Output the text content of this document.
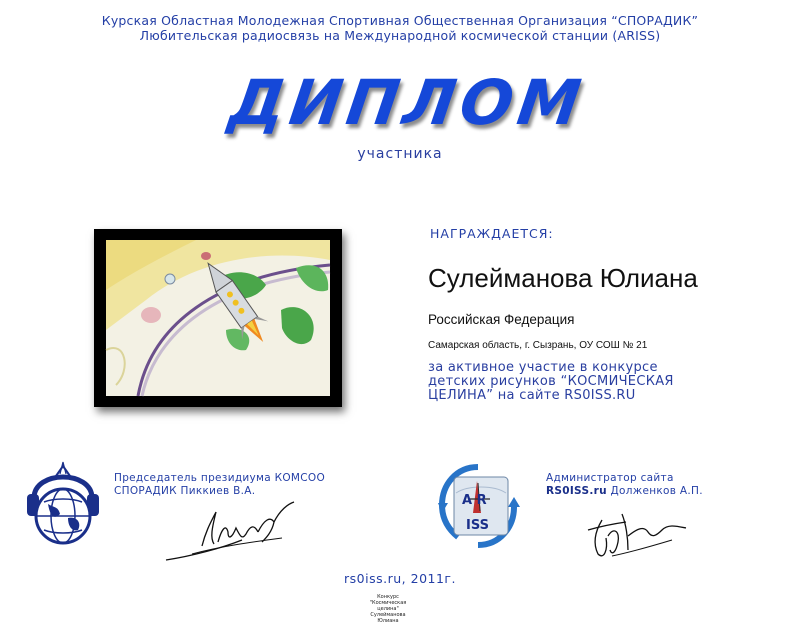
Курская Областная Молодежная Спортивная Общественная Организация “СПОРАДИК”
Любительская радиосвязь на Международной космической станции (ARISS)
ДИПЛОМ
участника
Конкурс "Космическая
целина"
Сулейманова Юлиана
НАГРАЖДАЕТСЯ:
Сулейманова Юлиана
Российская Федерация
Самарская область, г. Сызрань, ОУ СОШ № 21
за активное участие в конкурсе
детских рисунков “КОСМИЧЕСКАЯ
ЦЕЛИНА” на сайте RS0ISS.RU
Председатель президиума КОМСОО
СПОРАДИК Пиккиев В.А.
A R
ISS
Администратор сайта
RS0ISS.ru Долженков А.П.
rs0iss.ru, 2011г.
